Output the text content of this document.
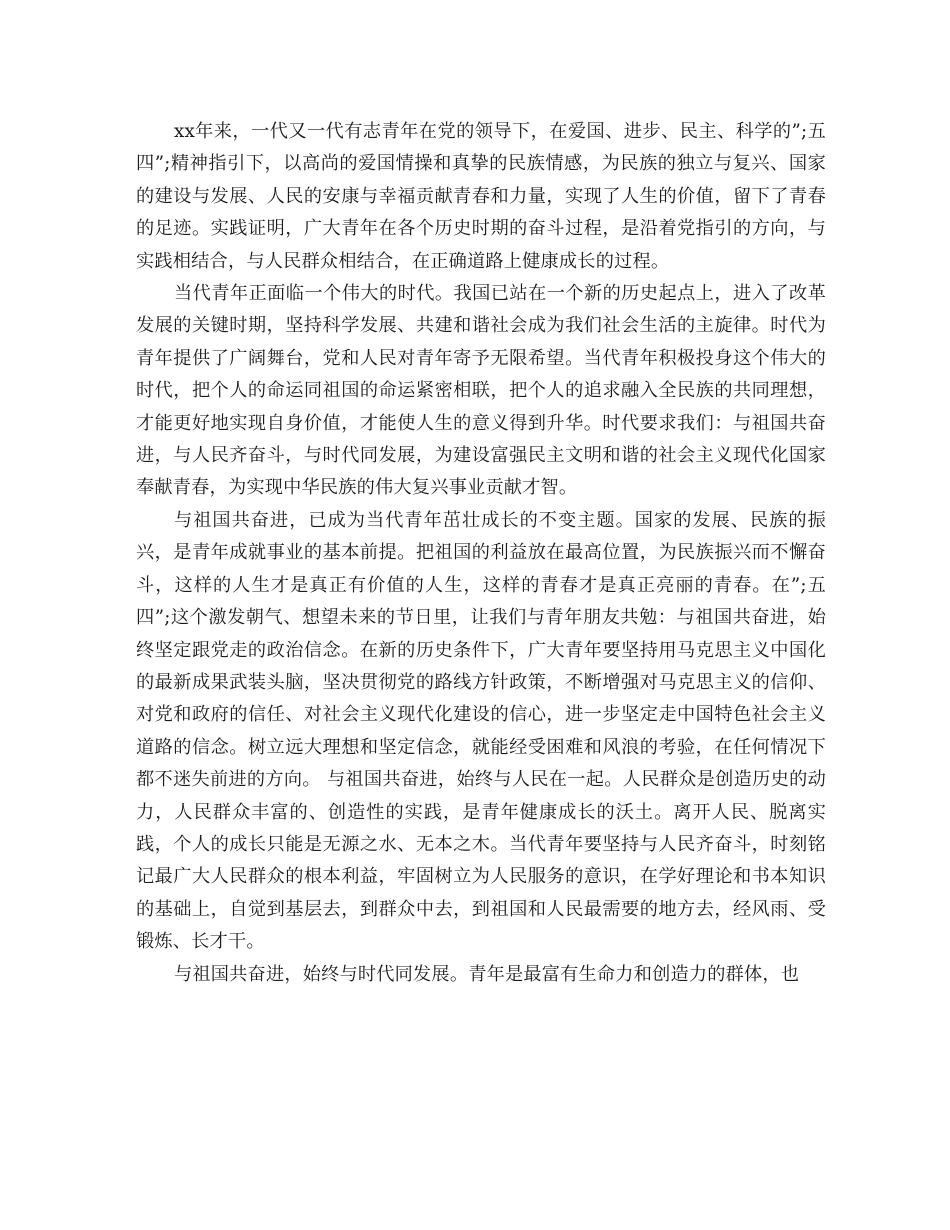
xx年来，一代又一代有志青年在党的领导下，在爱国、进步、民主、科学的”;五四”;精神指引下，以高尚的爱国情操和真挚的民族情感，为民族的独立与复兴、国家的建设与发展、人民的安康与幸福贡献青春和力量，实现了人生的价值，留下了青春的足迹。实践证明，广大青年在各个历史时期的奋斗过程，是沿着党指引的方向，与实践相结合，与人民群众相结合，在正确道路上健康成长的过程。

当代青年正面临一个伟大的时代。我国已站在一个新的历史起点上，进入了改革发展的关键时期，坚持科学发展、共建和谐社会成为我们社会生活的主旋律。时代为青年提供了广阔舞台，党和人民对青年寄予无限希望。当代青年积极投身这个伟大的时代，把个人的命运同祖国的命运紧密相联，把个人的追求融入全民族的共同理想，才能更好地实现自身价值，才能使人生的意义得到升华。时代要求我们：与祖国共奋进，与人民齐奋斗，与时代同发展，为建设富强民主文明和谐的社会主义现代化国家奉献青春，为实现中华民族的伟大复兴事业贡献才智。

与祖国共奋进，已成为当代青年茁壮成长的不变主题。国家的发展、民族的振兴，是青年成就事业的基本前提。把祖国的利益放在最高位置，为民族振兴而不懈奋斗，这样的人生才是真正有价值的人生，这样的青春才是真正亮丽的青春。在”;五四”;这个激发朝气、想望未来的节日里，让我们与青年朋友共勉：与祖国共奋进，始终坚定跟党走的政治信念。在新的历史条件下，广大青年要坚持用马克思主义中国化的最新成果武装头脑，坚决贯彻党的路线方针政策，不断增强对马克思主义的信仰、对党和政府的信任、对社会主义现代化建设的信心，进一步坚定走中国特色社会主义道路的信念。树立远大理想和坚定信念，就能经受困难和风浪的考验，在任何情况下都不迷失前进的方向。 与祖国共奋进，始终与人民在一起。人民群众是创造历史的动力，人民群众丰富的、创造性的实践，是青年健康成长的沃土。离开人民、脱离实践，个人的成长只能是无源之水、无本之木。当代青年要坚持与人民齐奋斗，时刻铭记最广大人民群众的根本利益，牢固树立为人民服务的意识，在学好理论和书本知识的基础上，自觉到基层去，到群众中去，到祖国和人民最需要的地方去，经风雨、受锻炼、长才干。

与祖国共奋进，始终与时代同发展。青年是最富有生命力和创造力的群体，也
